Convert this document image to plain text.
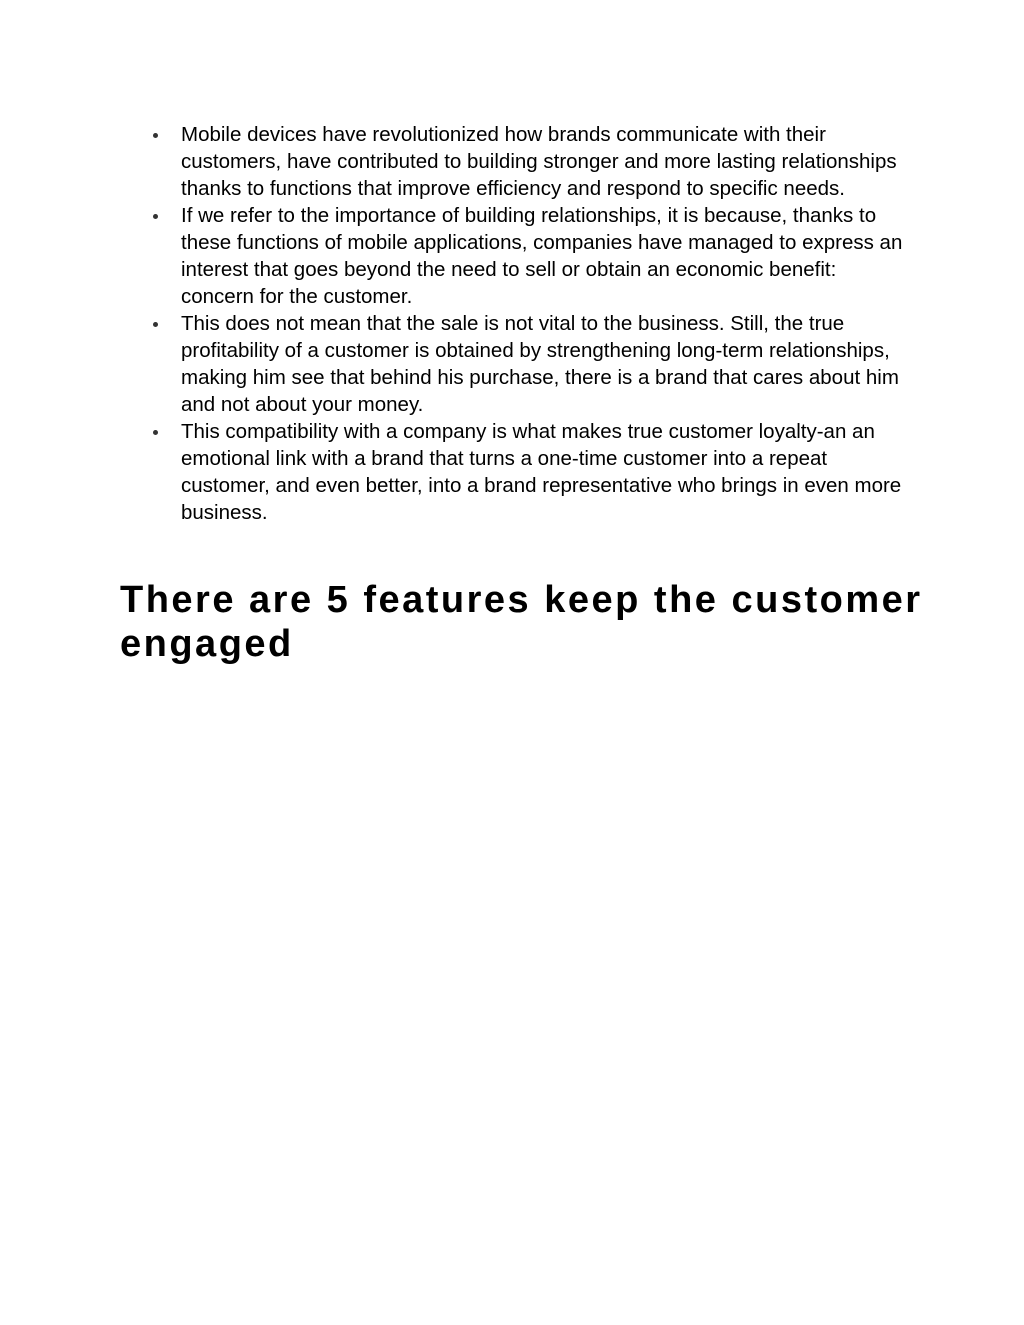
Mobile devices have revolutionized how brands communicate with their customers, have contributed to building stronger and more lasting relationships thanks to functions that improve efficiency and respond to specific needs.
If we refer to the importance of building relationships, it is because, thanks to these functions of mobile applications, companies have managed to express an interest that goes beyond the need to sell or obtain an economic benefit: concern for the customer.
This does not mean that the sale is not vital to the business. Still, the true profitability of a customer is obtained by strengthening long-term relationships, making him see that behind his purchase, there is a brand that cares about him and not about your money.
This compatibility with a company is what makes true customer loyalty-an an emotional link with a brand that turns a one-time customer into a repeat customer, and even better, into a brand representative who brings in even more business.
There are 5 features keep the customer engaged
